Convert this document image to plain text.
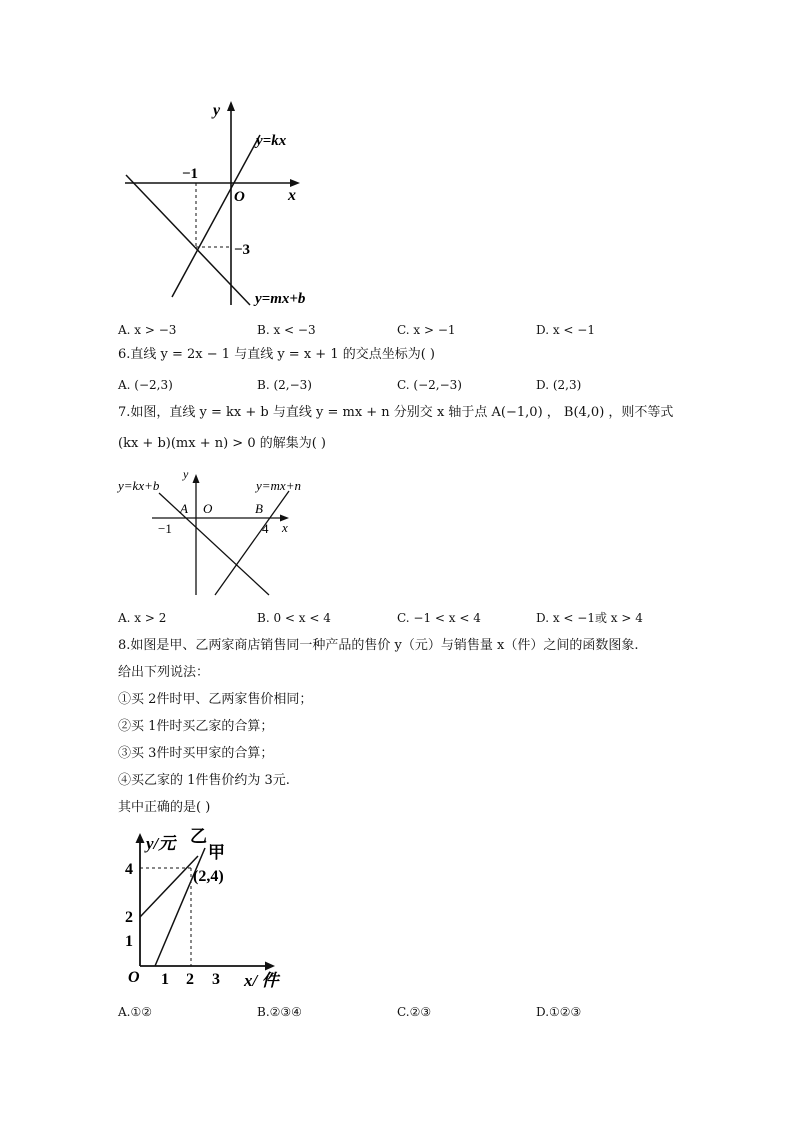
y
x
O
−1
−3
y=kx
y=mx+b
A. x > −3	B. x < −3	C. x > −1	D. x < −1
6.直线 y = 2x − 1 与直线 y = x + 1 的交点坐标为( )
A. (−2,3)	B. (2,−3)	C. (−2,−3)	D. (2,3)
7.如图，直线 y = kx + b 与直线 y = mx + n 分别交 x 轴于点 A(−1,0) ， B(4,0) ，则不等式
(kx + b)(mx + n) > 0 的解集为( )
y
x
y=kx+b	y=mx+n
A O	B
−1	4
A. x > 2	B. 0 < x < 4	C. −1 < x < 4	D. x < −1或 x > 4
8.如图是甲、乙两家商店销售同一种产品的售价 y（元）与销售量 x（件）之间的函数图象.
给出下列说法：
①买 2件时甲、乙两家售价相同；
②买 1件时买乙家的合算；
③买 3件时买甲家的合算；
④买乙家的 1件售价约为 3元.
其中正确的是( )
y/元
x/ 件
乙
甲
(2,4)
O 1 2 3
1
2
4
A.①②	B.②③④	C.②③	D.①②③
